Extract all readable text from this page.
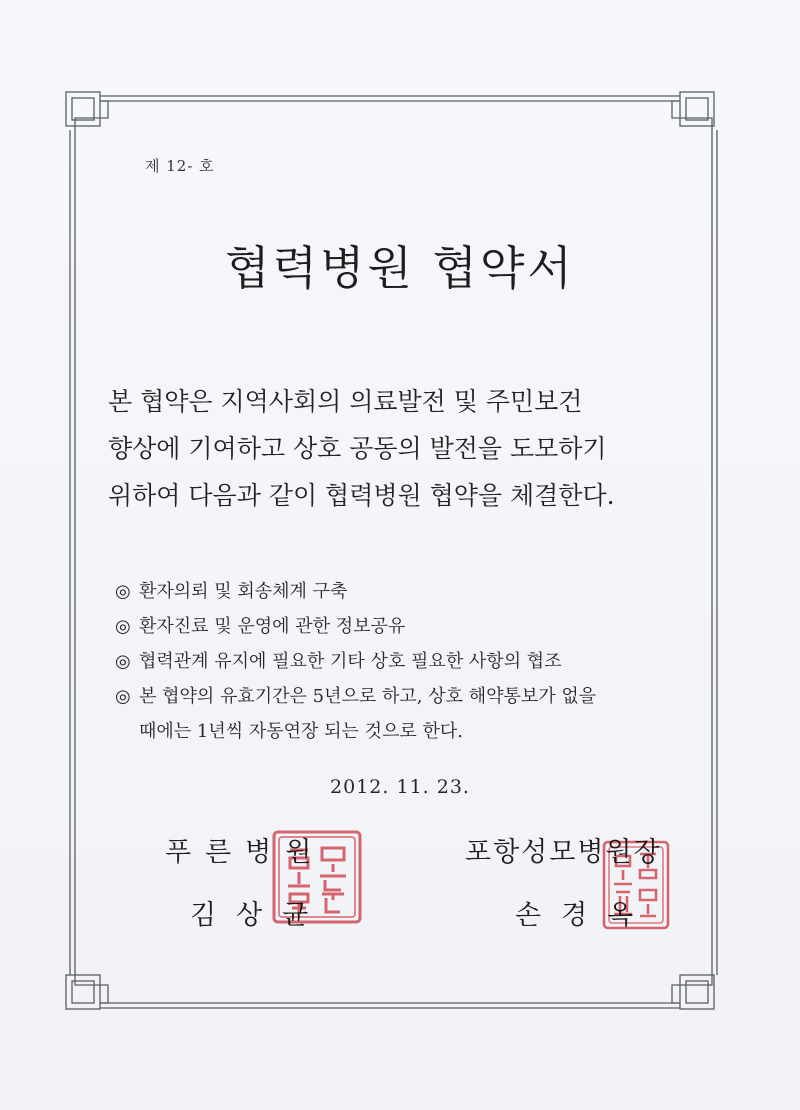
제 12- 호
협력병원 협약서
본 협약은 지역사회의 의료발전 및 주민보건
향상에 기여하고 상호 공동의 발전을 도모하기
위하여 다음과 같이 협력병원 협약을 체결한다.
◎ 환자의뢰 및 회송체계 구축
◎ 환자진료 및 운영에 관한 정보공유
◎ 협력관계 유지에 필요한 기타 상호 필요한 사항의 협조
◎ 본 협약의 유효기간은 5년으로 하고, 상호 해약통보가 없을
때에는 1년씩 자동연장 되는 것으로 한다.
2012. 11. 23.
푸른병원
김상균
포항성모병원장
손경옥
